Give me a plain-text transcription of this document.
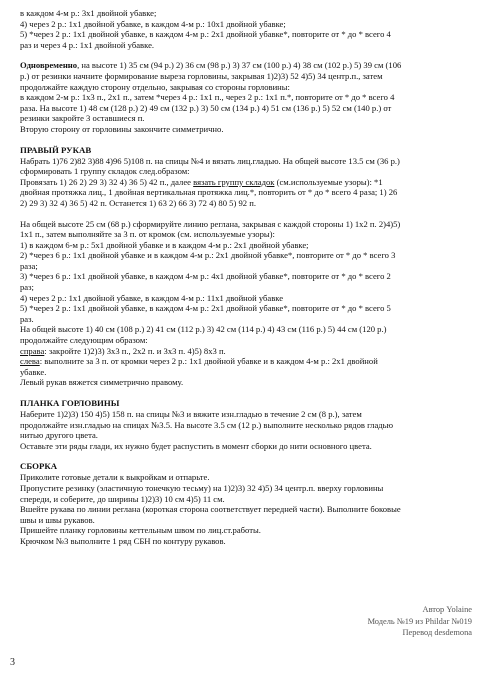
в каждом 4-м р.: 3x1 двойной убавке;

4) через 2 р.: 1x1 двойной убавке, в каждом 4-м р.: 10x1 двойной убавке;

5) *через 2 р.: 1x1 двойной убавке, в каждом 4-м р.: 2x1 двойной убавке*, повторите от * до * всего 4

раз и через 4 р.: 1x1 двойной убавке.

Одновременно, на высоте 1) 35 см (94 р.) 2) 36 см (98 р.) 3) 37 см (100 р.) 4) 38 см (102 р.) 5) 39 см (106

р.) от резинки начните формирование выреза горловины, закрывая 1)2)3) 52 4)5) 34 центр.п., затем

продолжайте каждую сторону отдельно, закрывая со стороны горловины:

в каждом 2-м р.: 1x3 п., 2x1 п., затем *через 4 р.: 1x1 п., через 2 р.: 1x1 п.*, повторите от * до * всего 4

раза. На высоте 1) 48 см (128 р.) 2) 49 см (132 р.) 3) 50 см (134 р.) 4) 51 см (136 р.) 5) 52 см (140 р.) от

резинки закройте 3 оставшиеся п.

Вторую сторону от горловины закончите симметрично.

ПРАВЫЙ РУКАВ

Набрать 1)76 2)82 3)88 4)96 5)108 п. на спицы №4 и вязать лиц.гладью. На общей высоте 13.5 см (36 р.)

сформировать 1 группу складок след.образом:

Провязать 1) 26 2) 29 3) 32 4) 36 5) 42 п., далее вязать группу складок (см.используемые узоры): *1

двойная протяжка лиц., 1 двойная вертикальная протяжка лиц.*, повторить от * до * всего 4 раза; 1) 26

2) 29 3) 32 4) 36 5) 42 п. Останется 1) 63 2) 66 3) 72 4) 80 5) 92 п.

На общей высоте 25 см (68 р.) сформируйте линию реглана, закрывая с каждой стороны 1) 1x2 п. 2)4)5)

1x1 п., затем выполняйте за 3 п. от кромок (см. используемые узоры):

1) в каждом 6-м р.: 5x1 двойной убавке и в каждом 4-м р.: 2x1 двойной убавке;

2) *через 6 р.: 1x1 двойной убавке и в каждом 4-м р.: 2x1 двойной убавке*, повторите от * до * всего 3

раза;

3) *через 6 р.: 1x1 двойной убавке, в каждом 4-м р.: 4x1 двойной убавке*, повторите от * до * всего 2

раз;

4) через 2 р.: 1x1 двойной убавке, в каждом 4-м р.: 11x1 двойной убавке

5) *через 2 р.: 1x1 двойной убавке, в каждом 4-м р.: 2x1 двойной убавке*, повторите от * до * всего 5

раз.

На общей высоте 1) 40 см (108 р.) 2) 41 см (112 р.) 3) 42 см (114 р.) 4) 43 см (116 р.) 5) 44 см (120 р.)

продолжайте следующим образом:

справа: закройте 1)2)3) 3x3 п., 2x2 п. и 3x3 п. 4)5) 8x3 п.

слева: выполните за 3 п. от кромки через 2 р.: 1x1 двойной убавке и в каждом 4-м р.: 2x1 двойной

убавке.

Левый рукав вяжется симметрично правому.

ПЛАНКА ГОРЛОВИНЫ

Наберите 1)2)3) 150 4)5) 158 п. на спицы №3 и вяжите изн.гладью в течение 2 см (8 р.), затем

продолжайте изн.гладью на спицах №3.5. На высоте 3.5 см (12 р.) выполните несколько рядов гладью

нитью другого цвета.

Оставьте эти ряды глади, их нужно будет распустить в момент сборки до нити основного цвета.

СБОРКА

Приколите готовые детали к выкройкам и отпарьте.

Пропустите резинку (эластичную тонечкую тесьму) на 1)2)3) 32 4)5) 34 центр.п. вверху горловины

спереди, и соберите, до ширины 1)2)3) 10 см 4)5) 11 см.

Вшейте рукава по линии реглана (короткая сторона соответствует передней части). Выполните боковые

швы и швы рукавов.

Пришейте планку горловины кеттельным швом по лиц.ст.работы.

Крючком №3 выполните 1 ряд СБН по контуру рукавов.

Автор Yolaine

Модель №19 из Phildar №019

Перевод desdemona

3
